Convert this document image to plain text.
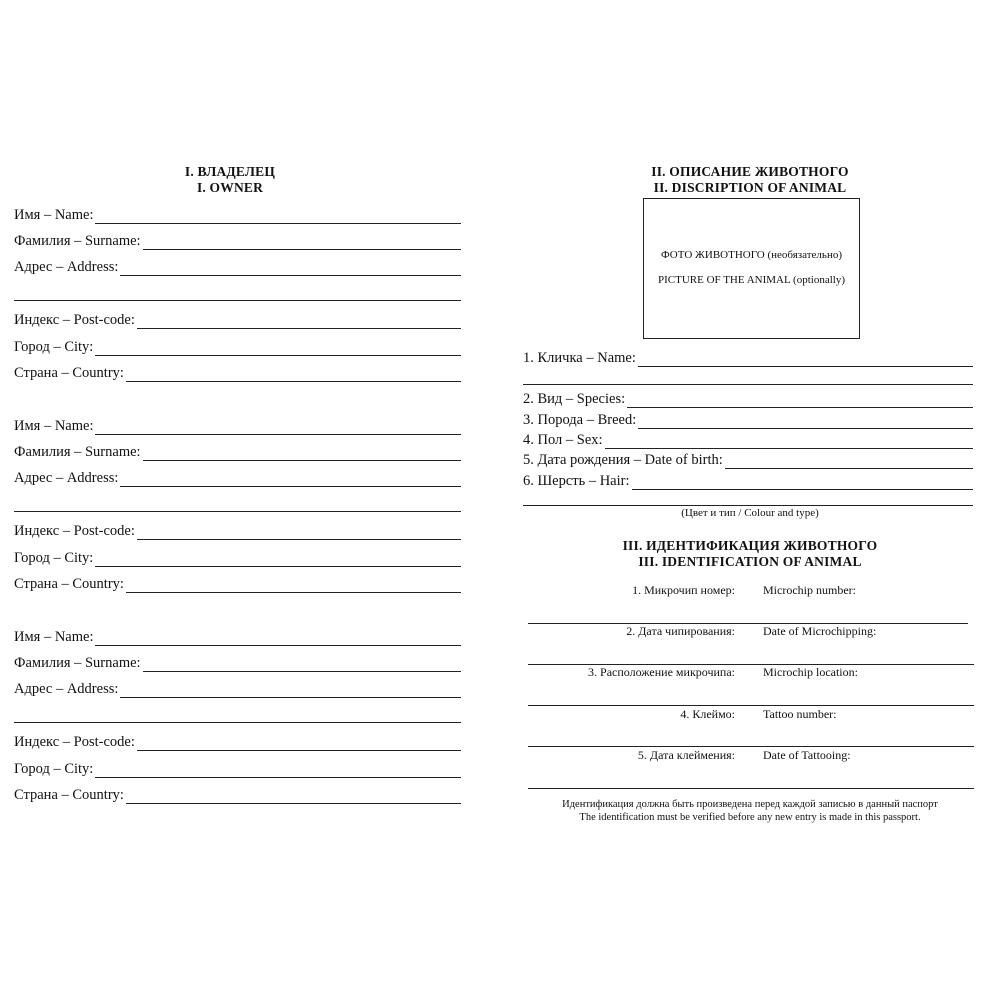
I. ВЛАДЕЛЕЦ
I. OWNER
Имя – Name:
Фамилия – Surname:
Адрес – Address:
Индекс – Post-code:
Город – City:
Страна – Country:
Имя – Name:
Фамилия – Surname:
Адрес – Address:
Индекс – Post-code:
Город – City:
Страна – Country:
Имя – Name:
Фамилия – Surname:
Адрес – Address:
Индекс – Post-code:
Город – City:
Страна – Country:
II. ОПИСАНИЕ ЖИВОТНОГО
II. DISCRIPTION OF ANIMAL
ФОТО ЖИВОТНОГО (необязательно)
PICTURE OF THE ANIMAL (optionally)
1. Кличка – Name:
2. Вид – Species:
3. Порода – Breed:
4. Пол – Sex:
5. Дата рождения – Date of birth:
6. Шерсть – Hair:
(Цвет и тип / Colour and type)
III. ИДЕНТИФИКАЦИЯ ЖИВОТНОГО
III. IDENTIFICATION OF ANIMAL
1. Микрочип номер: Microchip number:
2. Дата чипирования: Date of Microchipping:
3. Расположение микрочипа: Microchip location:
4. Клеймо: Tattoo number:
5. Дата клеймения: Date of Tattooing:
Идентификация должна быть произведена перед каждой записью в данный паспорт
The identification must be verified before any new entry is made in this passport.
